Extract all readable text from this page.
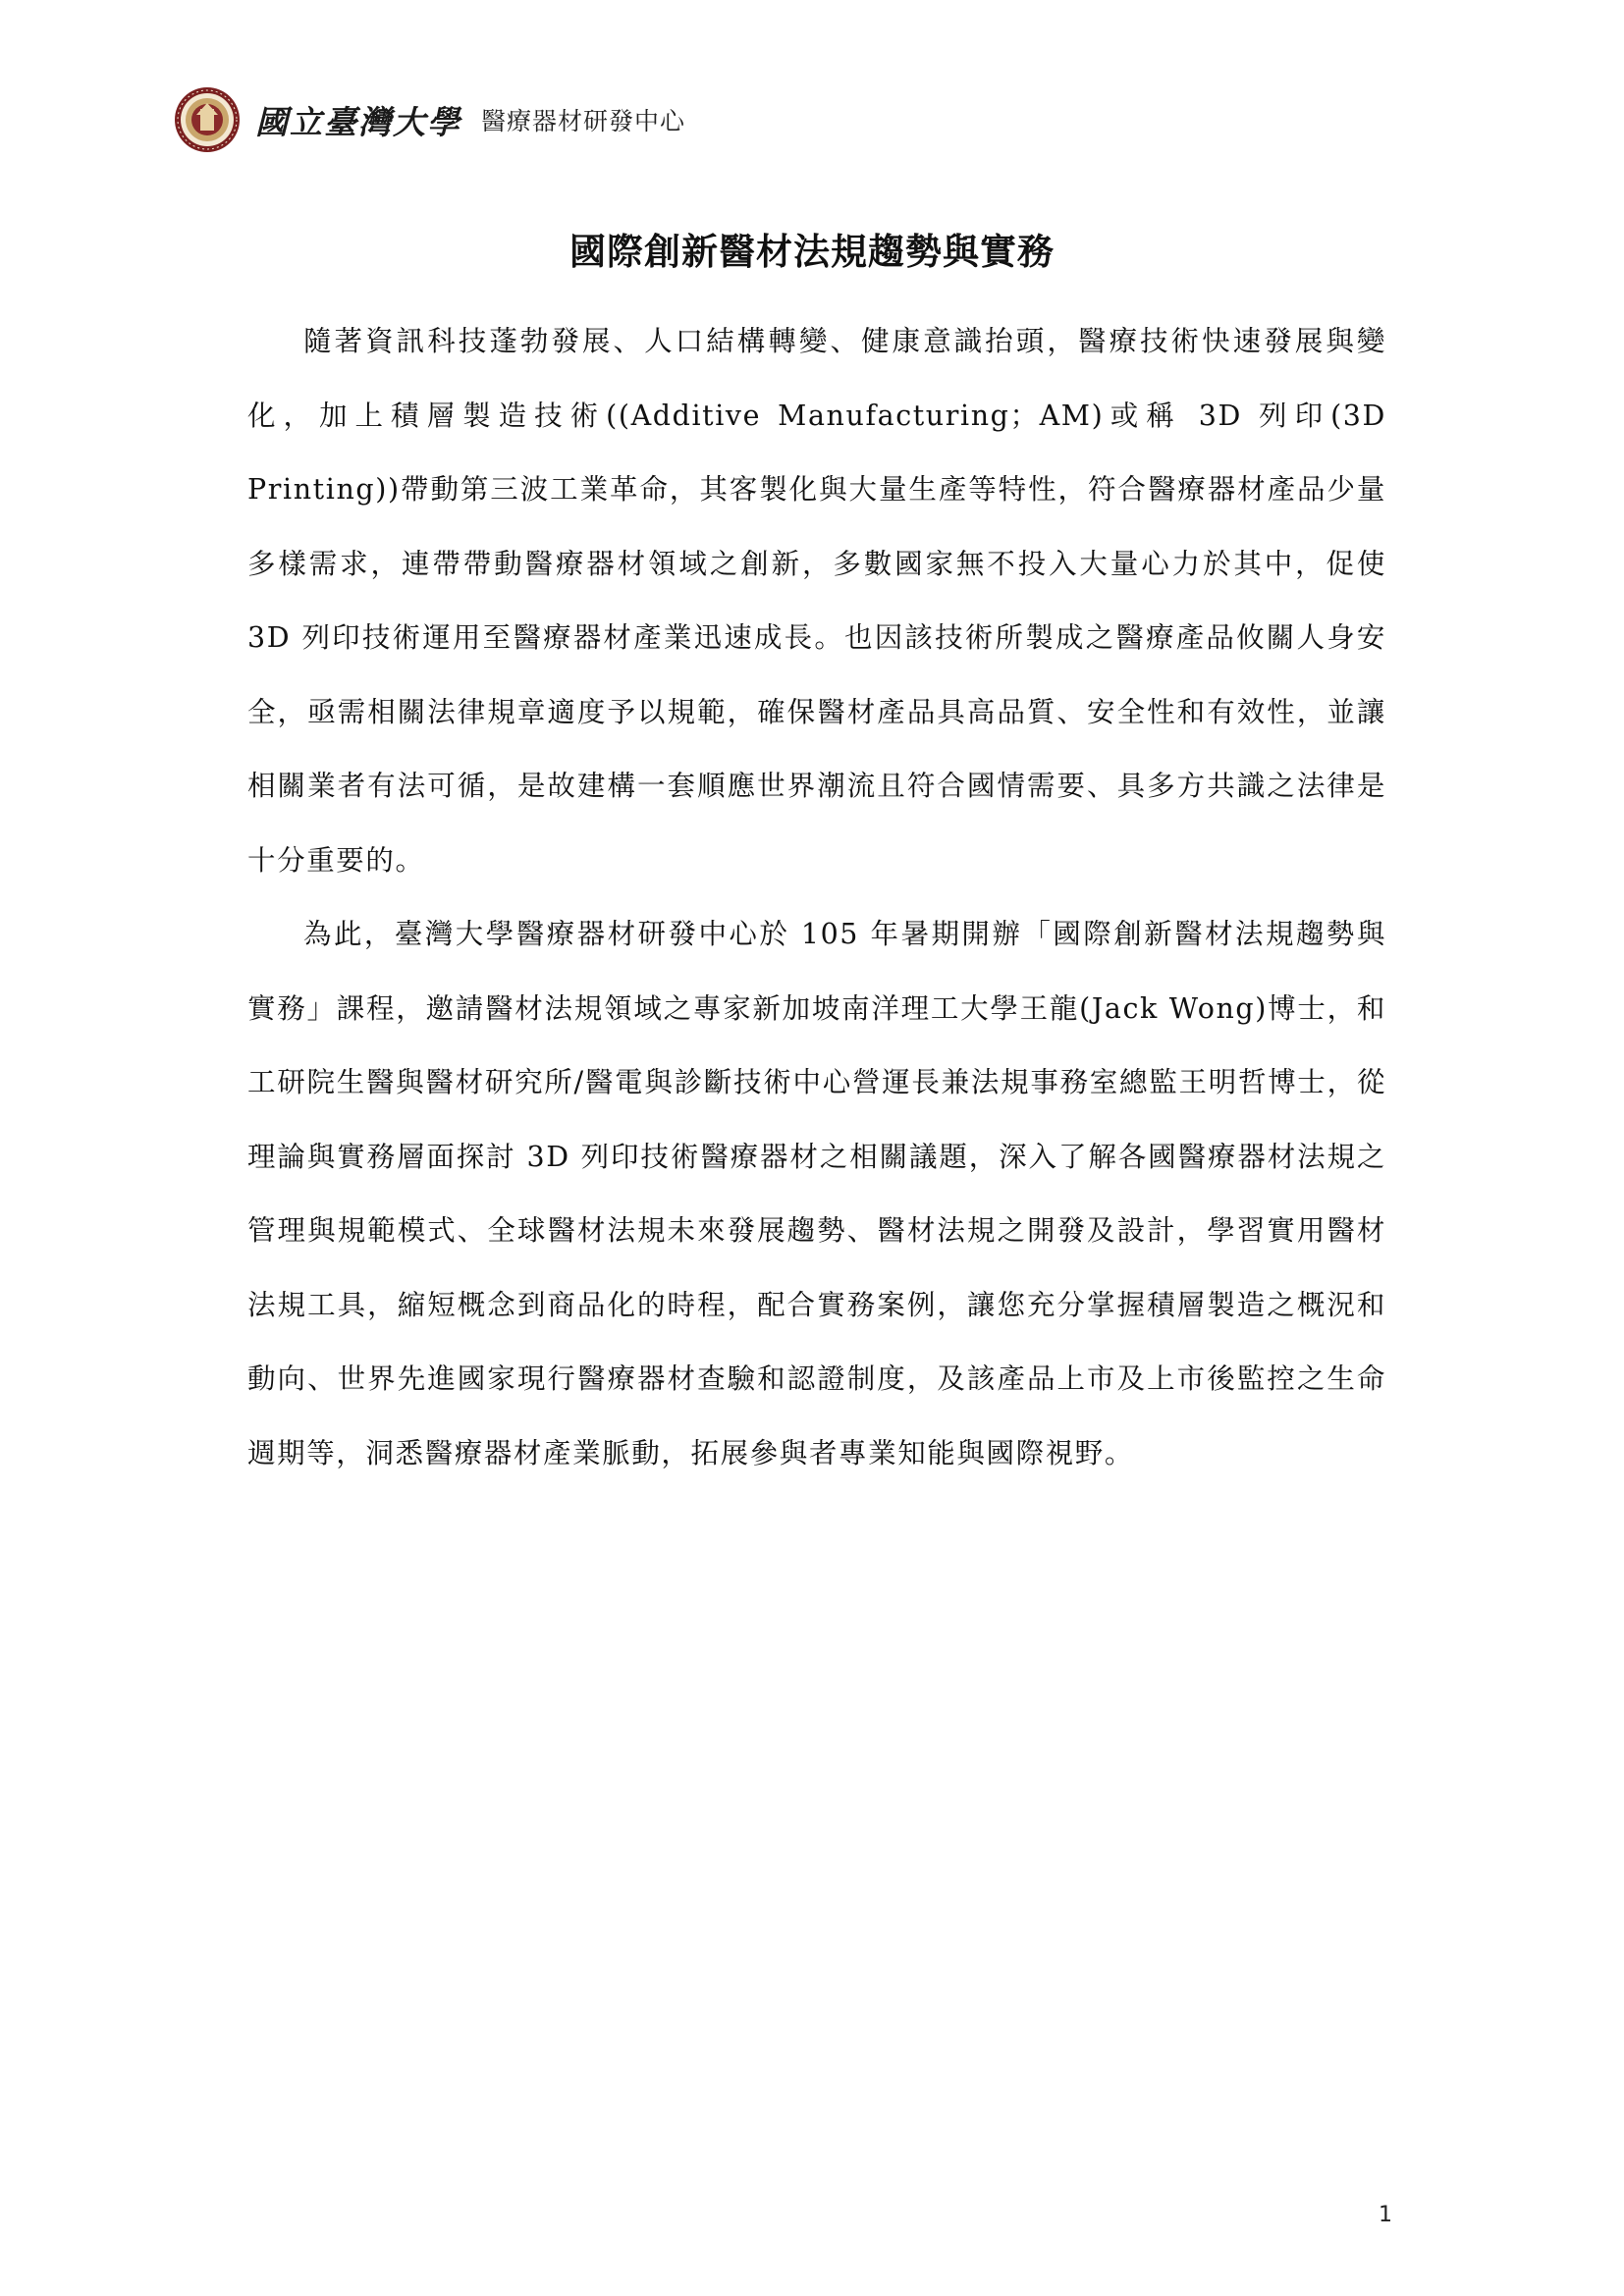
國立臺灣大學 醫療器材研發中心
國際創新醫材法規趨勢與實務

隨著資訊科技蓬勃發展、人口結構轉變、健康意識抬頭，醫療技術快速發展與變化，加上積層製造技術((Additive Manufacturing；AM)或稱 3D 列印(3D Printing))帶動第三波工業革命，其客製化與大量生產等特性，符合醫療器材產品少量多樣需求，連帶帶動醫療器材領域之創新，多數國家無不投入大量心力於其中，促使 3D 列印技術運用至醫療器材產業迅速成長。也因該技術所製成之醫療產品攸關人身安全，亟需相關法律規章適度予以規範，確保醫材產品具高品質、安全性和有效性，並讓相關業者有法可循，是故建構一套順應世界潮流且符合國情需要、具多方共識之法律是十分重要的。

為此，臺灣大學醫療器材研發中心於 105 年暑期開辦「國際創新醫材法規趨勢與實務」課程，邀請醫材法規領域之專家新加坡南洋理工大學王龍(Jack Wong)博士，和工研院生醫與醫材研究所/醫電與診斷技術中心營運長兼法規事務室總監王明哲博士，從理論與實務層面探討 3D 列印技術醫療器材之相關議題，深入了解各國醫療器材法規之管理與規範模式、全球醫材法規未來發展趨勢、醫材法規之開發及設計，學習實用醫材法規工具，縮短概念到商品化的時程，配合實務案例，讓您充分掌握積層製造之概況和動向、世界先進國家現行醫療器材查驗和認證制度，及該產品上市及上市後監控之生命週期等，洞悉醫療器材產業脈動，拓展參與者專業知能與國際視野。

1
